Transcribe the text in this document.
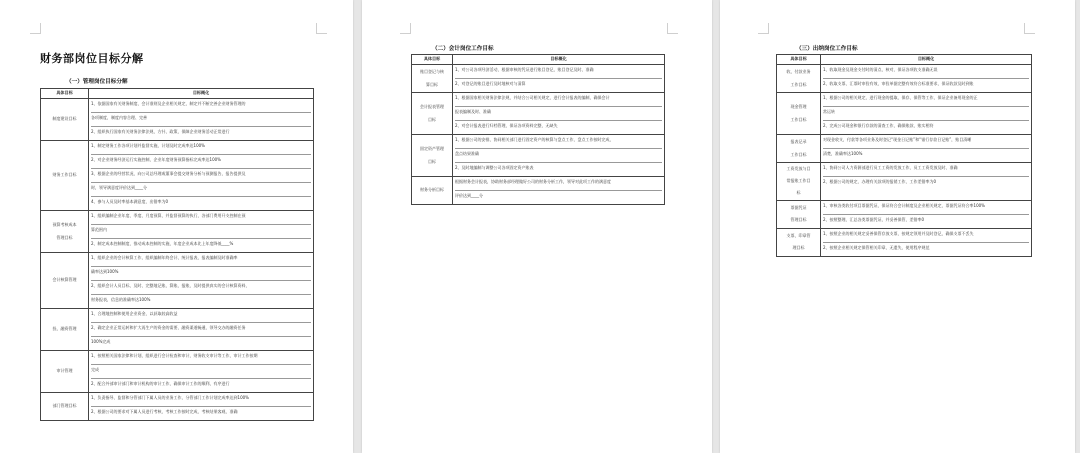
财务部岗位目标分解
（一）管理岗位目标分解
具体目标	目标概化

制度建设目标	1、依据国家有关财务制度、会计准则及企业相关规定，制定并不断完善企业财务管理的
各项制度，制度内容合理、完善
2、组织执行国家有关财务法律法规、方针、政策，保障企业财务活动正常进行

财务工作目标	1、制定财务工作各项计划并监督实施，计划及时完成率达100%
2、对企业财务经济运行实施控制，企业年度财务预算指标完成率达100%
3、根据企业的经营状况，向公司总经理或董事会提交财务分析与预测报告，报告提供及
时，领导满意度评价达到____分
4、参与人员及时率基本满意度，出错率为0

预算考核成本
管理目标	1、组织编制企业年度、季度、月度预算，并监督预算的执行，各部门费用开支控制在预
算范围内
2、制定成本控制制度，推动成本控制的实施，年度企业成本比上年度降低____%

会计核算管理	1、组织企业的会计核算工作，组织编制年终会计、统计报表，报表编制及时准确率
确率达到100%
2、组织会计人员目标，及时、完整地记账、算账、报账，及时提供真实的会计核算资料，
财务报表，信息的准确率达100%

投、融资管理	1、合理地控制和使用企业资金，以获取较高收益
2、确定企业正常运转和扩大再生产的资金的需要，融资渠道畅通，领导交办的融资任务
100%完成

审计管理	1、按照相关国家法律和计划，组织进行会计检查和审计，财务收支审计等工作，审计工作按期
完成
2、配合外部审计部门和审计机构的审计工作，确保审计工作的顺利、有序进行

部门管理目标	1、负责指导、监督和分管部门下属人员的业务工作，分管部门工作计划完成率达到100%
2、根据公司的要求对下属人员进行考核，考核工作按时完成，考核结果客观、准确
（二）会计岗位工作目标
具体目标	目标概化

账目登记与核
算目标	1、对公司各项经济活动，根据审核的凭证进行账目登记，账目登记及时、准确
2、对登记的账目进行及时地核对与清算

会计报表管理
目标	1、根据国家相关财务法律法规，并结合公司相关规定，进行会计报表的编制，确保会计
报表编制及时、准确
2、对会计报表进行归档管理，保证各项资料完整，无缺失

固定资产管理
目标	1、根据公司的安排，协同相关部门进行固定资产的核算与盘点工作，盘点工作按时完成，
盘点结果准确
2、及时地编制与调整公司各项固定资产账表

财务分析目标	根据财务会计报表，协助财务部经理做好公司的财务分析工作，领导对此项工作的满意度
评价达到____分
（三）出纳岗位工作目标
具体目标	目标概化

收、付款业务
工作目标	1、收取现金及现金支付时的清点、核对，保证各项收支准确无误
2、收取支票、汇票时审验有效，审验单据完整有效符合标准要求，保证收款及时到账

现金管理
工作目标	1、根据公司的相关规定，进行现金的提取、保存、保管等工作，保证企业备用现金的正
常运转
2、完成公司现金和银行存款的清查工作，确保账款、账实相符

报表记录
工作目标	对现金收支，付款等各项业务及时登记“现金日记账”和“银行存款日记账”，账目清晰
清楚，准确率达100%

工资发放与目
常报账工作目
标	1、协同公司人力资源部进行员工工资的发放工作，员工工资发放及时、准确
2、根据公司的规定，办理有关款项的报销工作，工作差错率为0

票据凭证
管理目标	1、审核各类收付项目票据凭证，保证符合会计制度及企业相关规定，票据凭证符合率100%
2、按照整理、汇总各类票据凭证，并妥善保管，差错率0

支票、印章管
理目标	1、按照企业的相关规定妥善保管存放支票，按规定领用并及时登记，确保支票不丢失
2、按照企业相关规定保管相关印章，无遗失，使用程序规范
